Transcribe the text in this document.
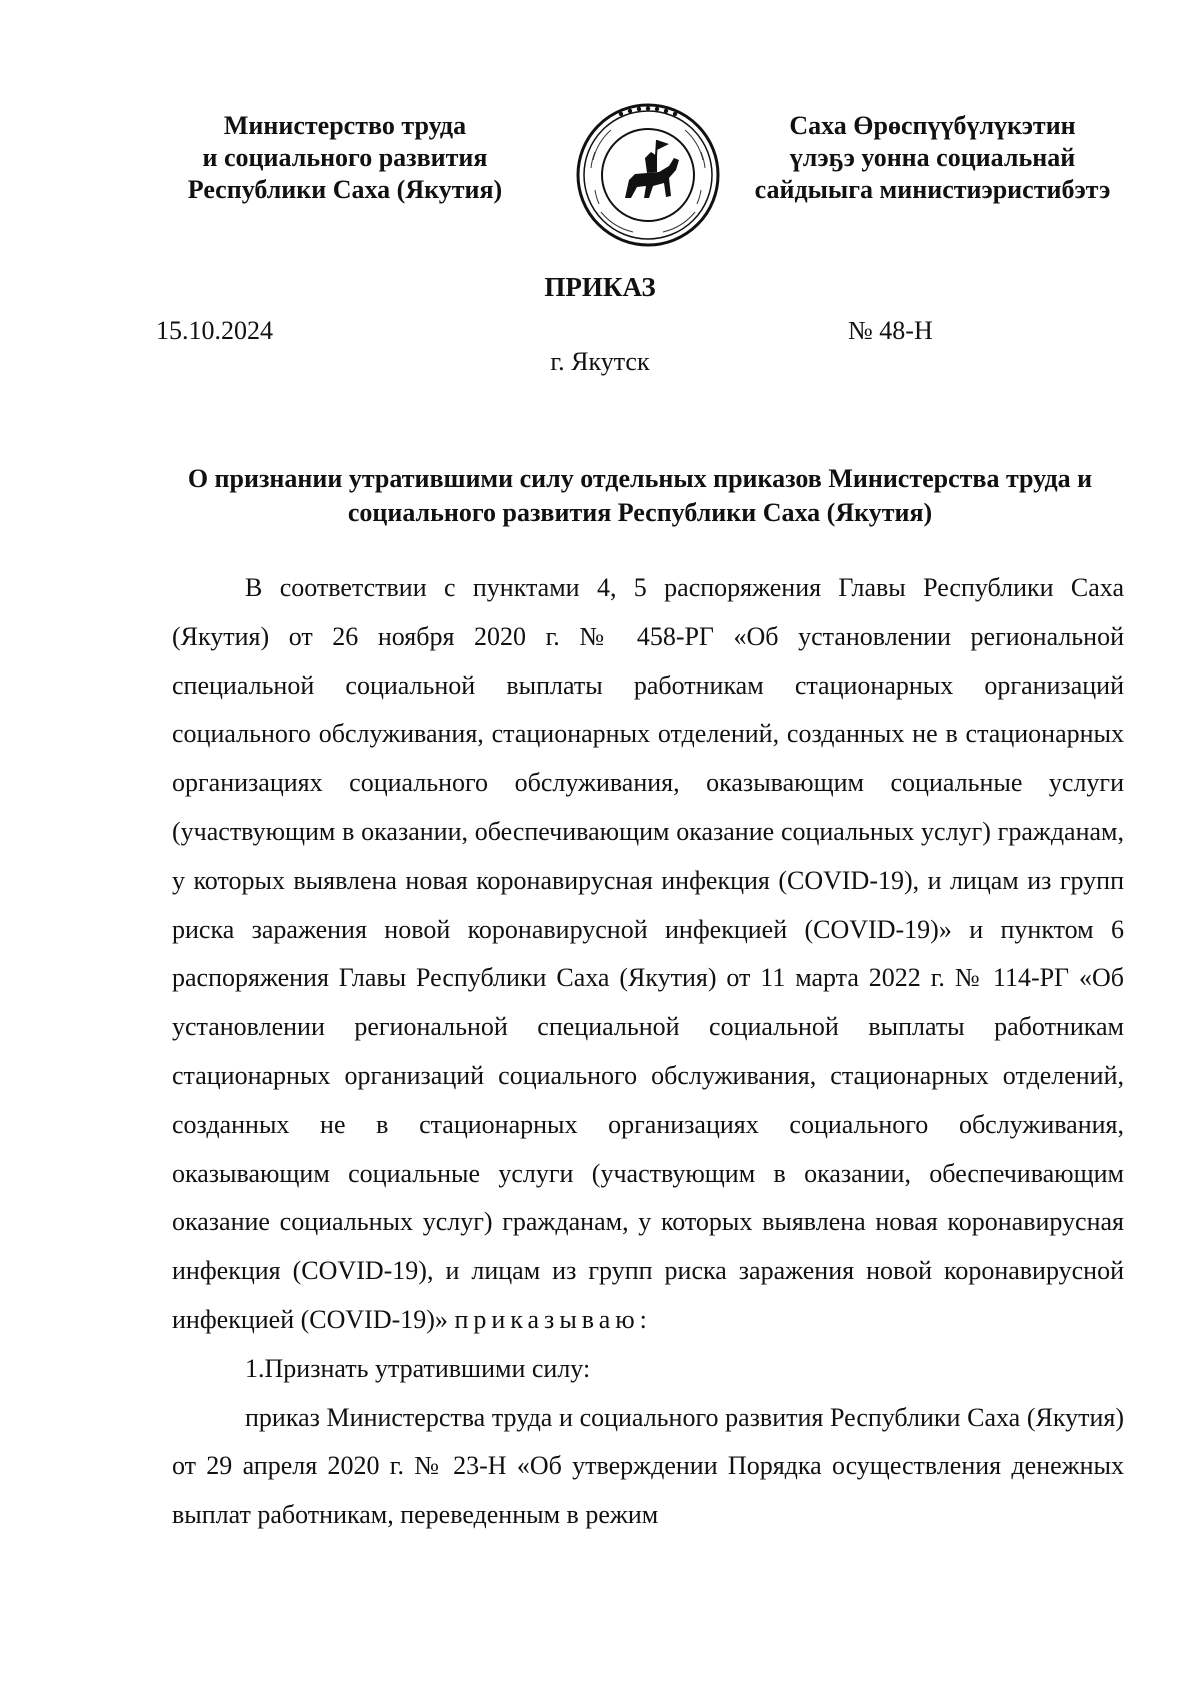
Министерство труда
и социального развития
Республики Саха (Якутия)
Саха Өрөспүүбүлүкэтин
үлэҕэ уонна социальнай
сайдыыга министиэристибэтэ
ПРИКАЗ
15.10.2024	№ 48-Н
г. Якутск
О признании утратившими силу отдельных приказов Министерства труда и социального развития Республики Саха (Якутия)

В соответствии с пунктами 4, 5 распоряжения Главы Республики Саха (Якутия) от 26 ноября 2020 г. № 458-РГ «Об установлении региональной специальной социальной выплаты работникам стационарных организаций социального обслуживания, стационарных отделений, созданных не в стационарных организациях социального обслуживания, оказывающим социальные услуги (участвующим в оказании, обеспечивающим оказание социальных услуг) гражданам, у которых выявлена новая коронавирусная инфекция (COVID-19), и лицам из групп риска заражения новой коронавирусной инфекцией (COVID-19)» и пунктом 6 распоряжения Главы Республики Саха (Якутия) от 11 марта 2022 г. № 114-РГ «Об установлении региональной специальной социальной выплаты работникам стационарных организаций социального обслуживания, стационарных отделений, созданных не в стационарных организациях социального обслуживания, оказывающим социальные услуги (участвующим в оказании, обеспечивающим оказание социальных услуг) гражданам, у которых выявлена новая коронавирусная инфекция (COVID-19), и лицам из групп риска заражения новой коронавирусной инфекцией (COVID-19)» приказываю:

1.Признать утратившими силу:

приказ Министерства труда и социального развития Республики Саха (Якутия) от 29 апреля 2020 г. № 23-Н «Об утверждении Порядка осуществления денежных выплат работникам, переведенным в режим
